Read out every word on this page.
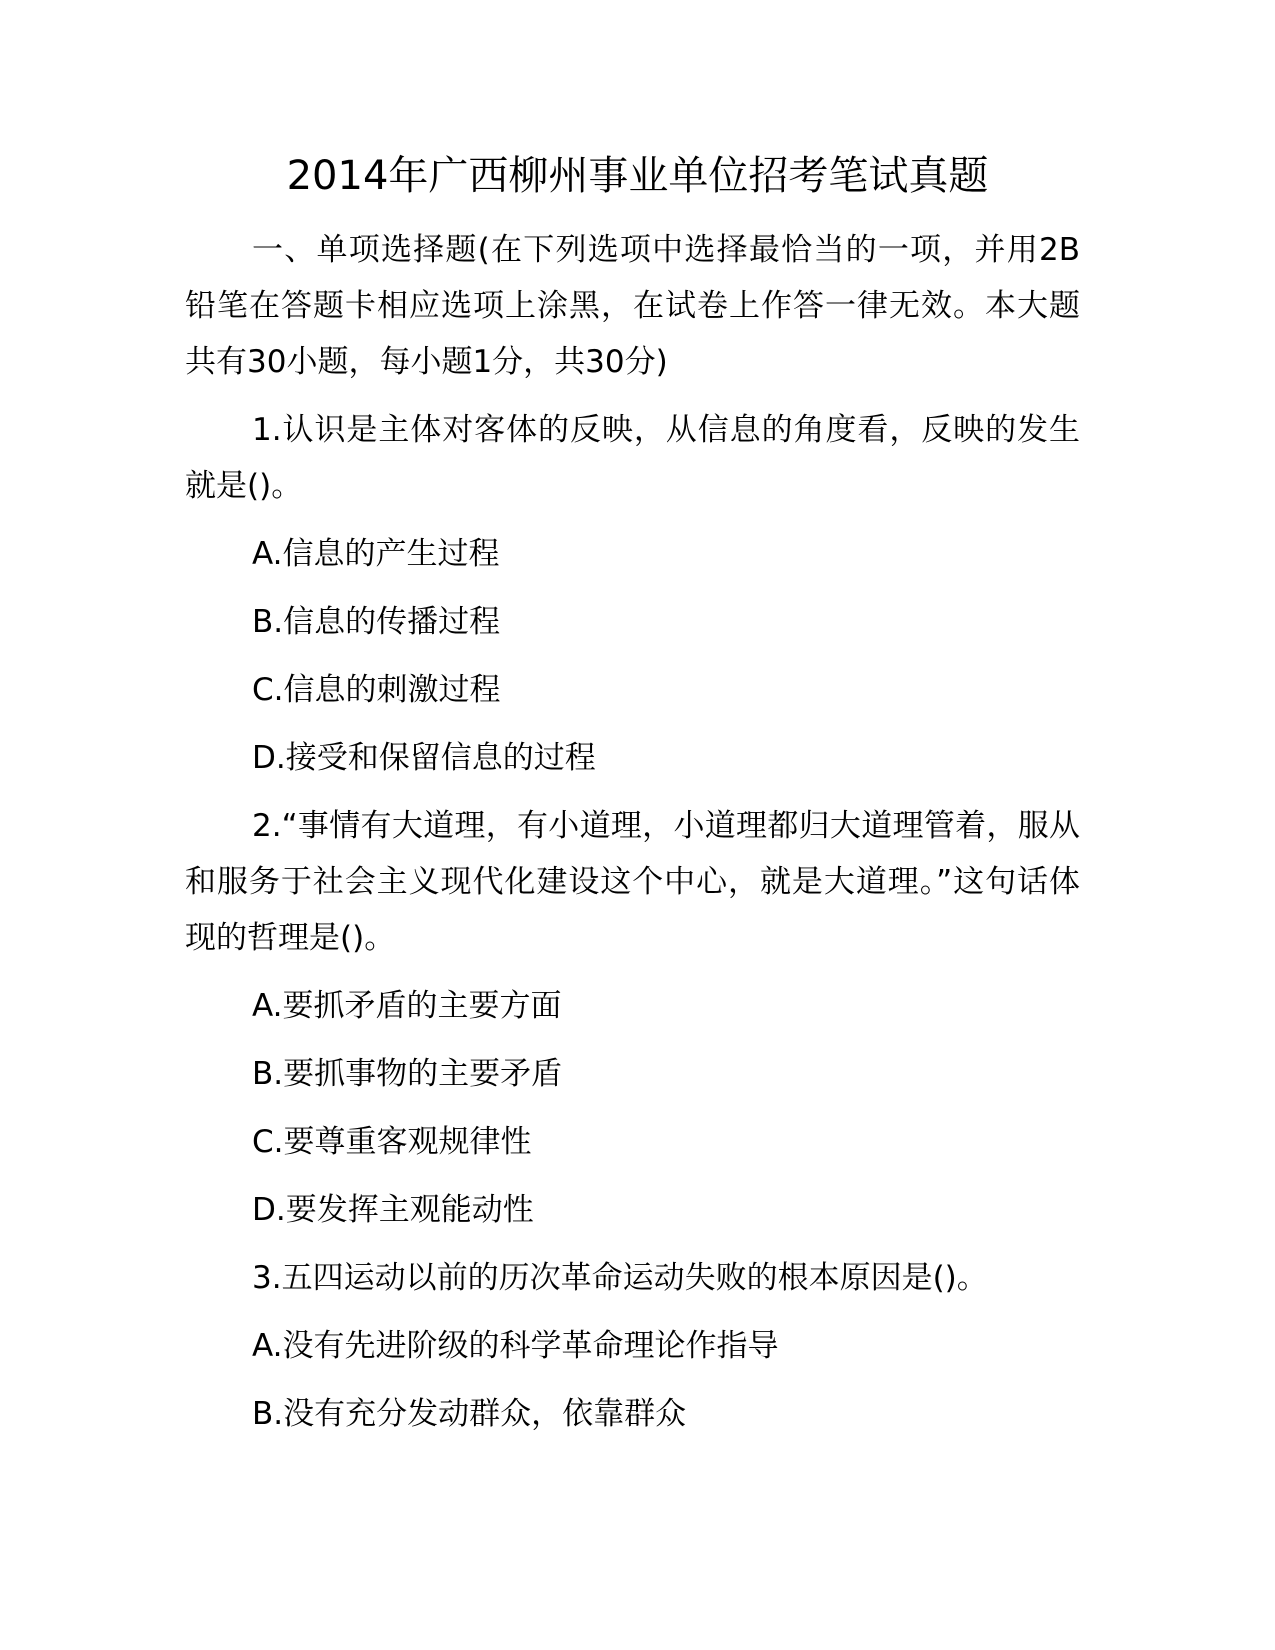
2014年广西柳州事业单位招考笔试真题

一、单项选择题(在下列选项中选择最恰当的一项，并用2B铅笔在答题卡相应选项上涂黑，在试卷上作答一律无效。本大题共有30小题，每小题1分，共30分)

1.认识是主体对客体的反映，从信息的角度看，反映的发生就是()。

A.信息的产生过程

B.信息的传播过程

C.信息的刺激过程

D.接受和保留信息的过程

2.“事情有大道理，有小道理，小道理都归大道理管着，服从和服务于社会主义现代化建设这个中心，就是大道理。”这句话体现的哲理是()。

A.要抓矛盾的主要方面

B.要抓事物的主要矛盾

C.要尊重客观规律性

D.要发挥主观能动性

3.五四运动以前的历次革命运动失败的根本原因是()。

A.没有先进阶级的科学革命理论作指导

B.没有充分发动群众，依靠群众
